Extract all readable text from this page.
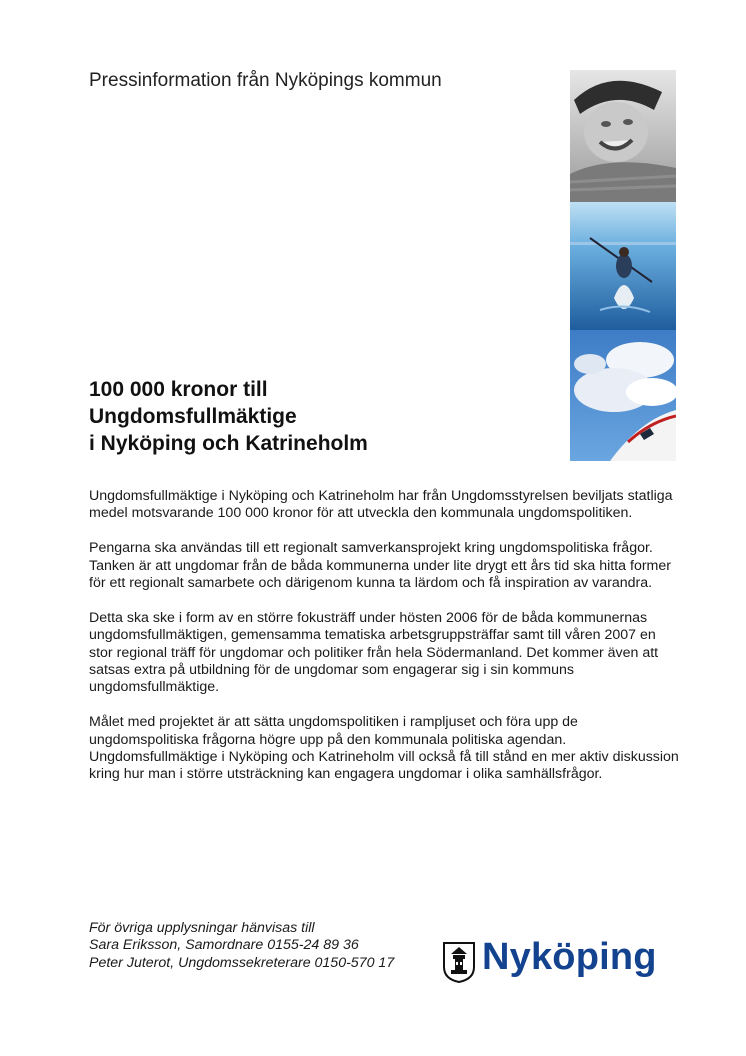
Pressinformation från Nyköpings kommun
100 000 kronor till
Ungdomsfullmäktige
i Nyköping och Katrineholm

Ungdomsfullmäktige i Nyköping och Katrineholm har från Ungdomsstyrelsen beviljats statliga medel motsvarande 100 000 kronor för att utveckla den kommunala ungdomspolitiken.

Pengarna ska användas till ett regionalt samverkansprojekt kring ungdomspolitiska frågor. Tanken är att ungdomar från de båda kommunerna under lite drygt ett års tid ska hitta former för ett regionalt samarbete och därigenom kunna ta lärdom och få inspiration av varandra.

Detta ska ske i form av en större fokusträff under hösten 2006 för de båda kommunernas ungdomsfullmäktigen, gemensamma tematiska arbetsgruppsträffar samt till våren 2007 en stor regional träff för ungdomar och politiker från hela Södermanland. Det kommer även att satsas extra på utbildning för de ungdomar som engagerar sig i sin kommuns ungdomsfullmäktige.

Målet med projektet är att sätta ungdomspolitiken i rampljuset och föra upp de ungdomspolitiska frågorna högre upp på den kommunala politiska agendan. Ungdomsfullmäktige i Nyköping och Katrineholm vill också få till stånd en mer aktiv diskussion kring hur man i större utsträckning kan engagera ungdomar i olika samhällsfrågor.

För övriga upplysningar hänvisas till
Sara Eriksson, Samordnare 0155-24 89 36
Peter Juterot, Ungdomssekreterare 0150-570 17	Nyköping
